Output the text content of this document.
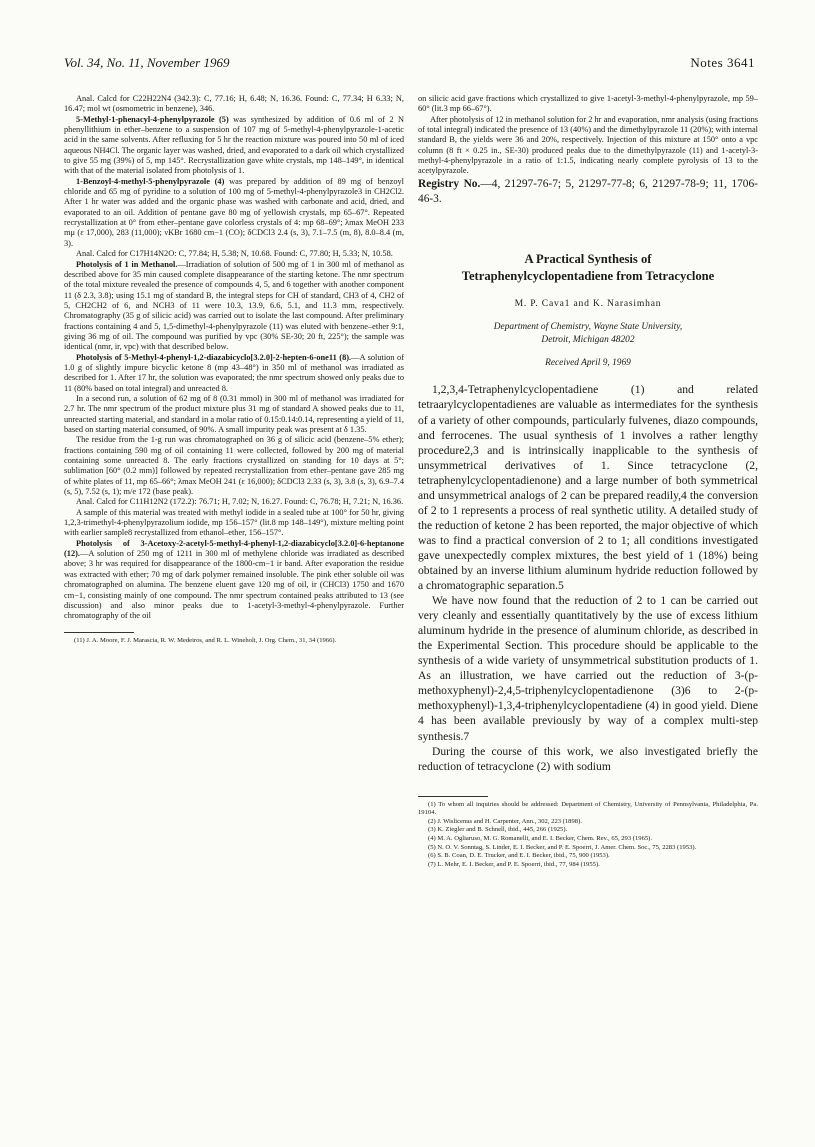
Vol. 34, No. 11, November 1969	Notes 3641

Anal. Calcd for C22H22N4 (342.3): C, 77.16; H, 6.48; N, 16.36. Found: C, 77.34; H 6.33; N, 16.47; mol wt (osmometric in benzene), 346.

5-Methyl-1-phenacyl-4-phenylpyrazole (5) was synthesized by addition of 0.6 ml of 2 N phenyllithium in ether–benzene to a suspension of 107 mg of 5-methyl-4-phenylpyrazole-1-acetic acid in the same solvents. After refluxing for 5 hr the reaction mixture was poured into 50 ml of iced aqueous NH4Cl. The organic layer was washed, dried, and evaporated to a dark oil which crystallized to give 55 mg (39%) of 5, mp 145°. Recrystallization gave white crystals, mp 148–149°, in identical with that of the material isolated from photolysis of 1.

1-Benzoyl-4-methyl-5-phenylpyrazole (4) was prepared by addition of 89 mg of benzoyl chloride and 65 mg of pyridine to a solution of 100 mg of 5-methyl-4-phenylpyrazole3 in CH2Cl2. After 1 hr water was added and the organic phase was washed with carbonate and acid, dried, and evaporated to an oil. Addition of pentane gave 80 mg of yellowish crystals, mp 65–67°. Repeated recrystallization at 0° from ether–pentane gave colorless crystals of 4: mp 68–69°; λmax MeOH 233 mμ (ε 17,000), 283 (11,000); νKBr 1680 cm−1 (CO); δCDCl3 2.4 (s, 3), 7.1–7.5 (m, 8), 8.0–8.4 (m, 3).

Anal. Calcd for C17H14N2O: C, 77.84; H, 5.38; N, 10.68. Found: C, 77.80; H, 5.33; N, 10.58.

Photolysis of 1 in Methanol.—Irradiation of solution of 500 mg of 1 in 300 ml of methanol as described above for 35 min caused complete disappearance of the starting ketone. The nmr spectrum of the total mixture revealed the presence of compounds 4, 5, and 6 together with another component 11 (δ 2.3, 3.8); using 15.1 mg of standard B, the integral steps for CH of standard, CH3 of 4, CH2 of 5, CH2CH2 of 6, and NCH3 of 11 were 10.3, 13.9, 6.6, 5.1, and 11.3 mm, respectively. Chromatography (35 g of silicic acid) was carried out to isolate the last compound. After preliminary fractions containing 4 and 5, 1,5-dimethyl-4-phenylpyrazole (11) was eluted with benzene–ether 9:1, giving 36 mg of oil. The compound was purified by vpc (30% SE-30; 20 ft, 225°); the sample was identical (nmr, ir, vpc) with that described below.

Photolysis of 5-Methyl-4-phenyl-1,2-diazabicyclo[3.2.0]-2-hepten-6-one11 (8).—A solution of 1.0 g of slightly impure bicyclic ketone 8 (mp 43–48°) in 350 ml of methanol was irradiated as described for 1. After 17 hr, the solution was evaporated; the nmr spectrum showed only peaks due to 11 (80% based on total integral) and unreacted 8.

In a second run, a solution of 62 mg of 8 (0.31 mmol) in 300 ml of methanol was irradiated for 2.7 hr. The nmr spectrum of the product mixture plus 31 mg of standard A showed peaks due to 11, unreacted starting material, and standard in a molar ratio of 0.15:0.14:0.14, representing a yield of 11, based on starting material consumed, of 90%. A small impurity peak was present at δ 1.35.

The residue from the 1-g run was chromatographed on 36 g of silicic acid (benzene–5% ether); fractions containing 590 mg of oil containing 11 were collected, followed by 200 mg of material containing some unreacted 8. The early fractions crystallized on standing for 10 days at 5°; sublimation [60° (0.2 mm)] followed by repeated recrystallization from ether–pentane gave 285 mg of white plates of 11, mp 65–66°; λmax MeOH 241 (ε 16,000); δCDCl3 2.33 (s, 3), 3.8 (s, 3), 6.9–7.4 (s, 5), 7.52 (s, 1); m/e 172 (base peak).

Anal. Calcd for C11H12N2 (172.2): 76.71; H, 7.02; N, 16.27. Found: C, 76.78; H, 7.21; N, 16.36.

A sample of this material was treated with methyl iodide in a sealed tube at 100° for 50 hr, giving 1,2,3-trimethyl-4-phenylpyrazolium iodide, mp 156–157° (lit.8 mp 148–149°), mixture melting point with earlier sample8 recrystallized from ethanol–ether, 156–157°.

Photolysis of 3-Acetoxy-2-acetyl-5-methyl-4-phenyl-1,2-diazabicyclo[3.2.0]-6-heptanone (12).—A solution of 250 mg of 1211 in 300 ml of methylene chloride was irradiated as described above; 3 hr was required for disappearance of the 1800-cm−1 ir band. After evaporation the residue was extracted with ether; 70 mg of dark polymer remained insoluble. The pink ether soluble oil was chromatographed on alumina. The benzene eluent gave 120 mg of oil, ir (CHCl3) 1750 and 1670 cm−1, consisting mainly of one compound. The nmr spectrum contained peaks attributed to 13 (see discussion) and also minor peaks due to 1-acetyl-3-methyl-4-phenylpyrazole. Further chromatography of the oil

(11) J. A. Moore, F. J. Marascia, R. W. Medeiros, and R. L. Wineholt, J. Org. Chem., 31, 34 (1966).

on silicic acid gave fractions which crystallized to give 1-acetyl-3-methyl-4-phenylpyrazole, mp 59–60° (lit.3 mp 66–67°).

After photolysis of 12 in methanol solution for 2 hr and evaporation, nmr analysis (using fractions of total integral) indicated the presence of 13 (40%) and the dimethylpyrazole 11 (20%); with internal standard B, the yields were 36 and 20%, respectively. Injection of this mixture at 150° onto a vpc column (8 ft × 0.25 in., SE-30) produced peaks due to the dimethylpyrazole (11) and 1-acetyl-3-methyl-4-phenylpyrazole in a ratio of 1:1.5, indicating nearly complete pyrolysis of 13 to the acetylpyrazole.

Registry No.—4, 21297-76-7; 5, 21297-77-8; 6, 21297-78-9; 11, 1706-46-3.

A Practical Synthesis of
Tetraphenylcyclopentadiene from Tetracyclone
M. P. Cava1 and K. Narasimhan
Department of Chemistry, Wayne State University,
Detroit, Michigan 48202
Received April 9, 1969

1,2,3,4-Tetraphenylcyclopentadiene (1) and related tetraarylcyclopentadienes are valuable as intermediates for the synthesis of a variety of other compounds, particularly fulvenes, diazo compounds, and ferrocenes. The usual synthesis of 1 involves a rather lengthy procedure2,3 and is intrinsically inapplicable to the synthesis of unsymmetrical derivatives of 1. Since tetracyclone (2, tetraphenylcyclopentadienone) and a large number of both symmetrical and unsymmetrical analogs of 2 can be prepared readily,4 the conversion of 2 to 1 represents a process of real synthetic utility. A detailed study of the reduction of ketone 2 has been reported, the major objective of which was to find a practical conversion of 2 to 1; all conditions investigated gave unexpectedly complex mixtures, the best yield of 1 (18%) being obtained by an inverse lithium aluminum hydride reduction followed by a chromatographic separation.5

We have now found that the reduction of 2 to 1 can be carried out very cleanly and essentially quantitatively by the use of excess lithium aluminum hydride in the presence of aluminum chloride, as described in the Experimental Section. This procedure should be applicable to the synthesis of a wide variety of unsymmetrical substitution products of 1. As an illustration, we have carried out the reduction of 3-(p-methoxyphenyl)-2,4,5-triphenylcyclopentadienone (3)6 to 2-(p-methoxyphenyl)-1,3,4-triphenylcyclopentadiene (4) in good yield. Diene 4 has been available previously by way of a complex multi-step synthesis.7

During the course of this work, we also investigated briefly the reduction of tetracyclone (2) with sodium

(1) To whom all inquiries should be addressed: Department of Chemistry, University of Pennsylvania, Philadelphia, Pa. 19104.

(2) J. Wislicenus and H. Carpenter, Ann., 302, 223 (1898).

(3) K. Ziegler and B. Schnell, ibid., 445, 266 (1925).

(4) M. A. Ogliaruso, M. G. Romanelli, and E. I. Becker, Chem. Rev., 65, 293 (1965).

(5) N. O. V. Sonntag, S. Linder, E. I. Becker, and P. E. Spoerri, J. Amer. Chem. Soc., 75, 2283 (1953).

(6) S. B. Coan, D. E. Trucker, and E. I. Becker, ibid., 75, 900 (1953).

(7) L. Mehr, E. I. Becker, and P. E. Spoerri, ibid., 77, 984 (1955).
